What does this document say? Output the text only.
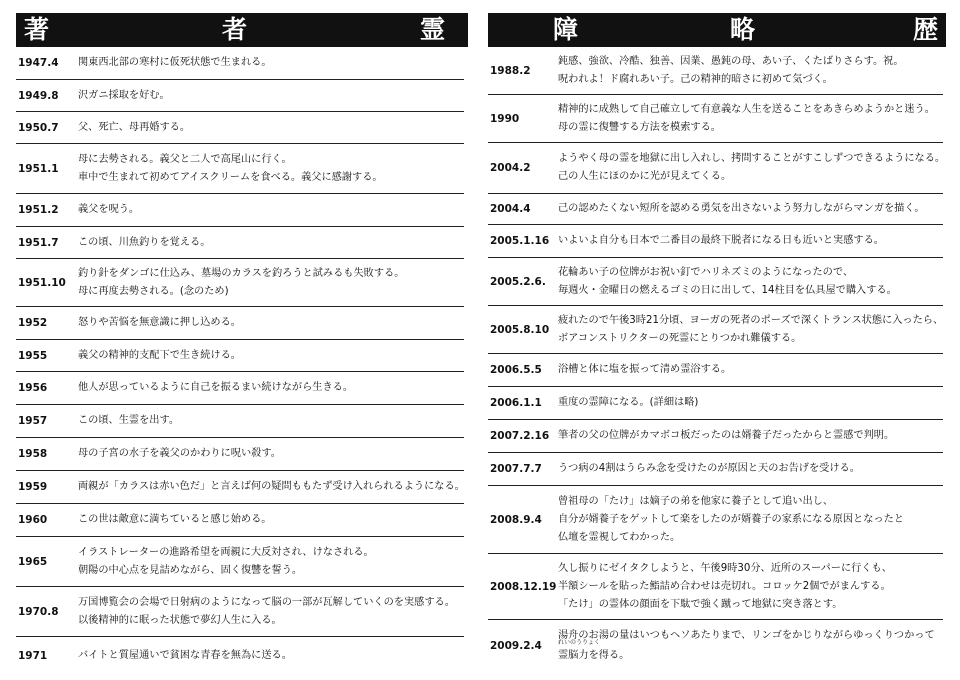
著	者	霊
1947.4 関東西北部の寒村に仮死状態で生まれる。
1949.8 沢ガニ採取を好む。
1950.7 父、死亡、母再婚する。
1951.1
母に去勢される。義父と二人で高尾山に行く。
車中で生まれて初めてアイスクリームを食べる。義父に感謝する。
1951.2 義父を呪う。
1951.7 この頃、川魚釣りを覚える。
1951.10
釣り針をダンゴに仕込み、墓場のカラスを釣ろうと試みるも失敗する。
母に再度去勢される。(念のため)
1952	怒りや苦悩を無意識に押し込める。
1955	義父の精神的支配下で生き続ける。
1956	他人が思っているように自己を振るまい続けながら生きる。
1957	この頃、生霊を出す。
1958	母の子宮の水子を義父のかわりに呪い殺す。
1959	両親が「カラスは赤い色だ」と言えば何の疑問ももたず受け入れられるようになる。
1960	この世は敵意に満ちていると感じ始める。
1965
イラストレーターの進路希望を両親に大反対され、けなされる。
朝陽の中心点を見詰めながら、固く復讐を誓う。
1970.8
万国博覧会の会場で日射病のようになって脳の一部が瓦解していくのを実感する。
以後精神的に眠った状態で夢幻人生に入る。
1971	バイトと質屋通いで貧困な青春を無為に送る。
障	略	歴
1988.2
鈍感、強欲、冷酷、独善、因業、愚鈍の母、あい子、くたばりさらす。祝。
呪われよ！ド腐れあい子。己の精神的暗さに初めて気づく。
1990
精神的に成熟して自己確立して有意義な人生を送ることをあきらめようかと迷う。
母の霊に復讐する方法を模索する。
2004.2
ようやく母の霊を地獄に出し入れし、拷問することがすこしずつできるようになる。
己の人生にほのかに光が見えてくる。
2004.4	己の認めたくない短所を認める勇気を出さないよう努力しながらマンガを描く。
2005.1.16 いよいよ自分も日本で二番目の最終下脱者になる日も近いと実感する。
2005.2.6.
花輪あい子の位牌がお祝い釘でハリネズミのようになったので、
毎週火・金曜日の燃えるゴミの日に出して、14柱目を仏具屋で購入する。
2005.8.10
疲れたので午後3時21分頃、ヨーガの死者のポーズで深くトランス状態に入ったら、
ボアコンストリクターの死霊にとりつかれ難儀する。
2006.5.5 浴槽と体に塩を振って清め霊浴する。
2006.1.1 重度の霊障になる。(詳細は略)
2007.2.16 筆者の父の位牌がカマボコ板だったのは婿養子だったからと霊感で判明。
2007.7.7 うつ病の4割はうらみ念を受けたのが原因と天のお告げを受ける。
2008.9.4
曾祖母の「たけ」は嫡子の弟を他家に養子として追い出し、
自分が婿養子をゲットして楽をしたのが婿養子の家系になる原因となったと
仏壇を霊視してわかった。
2008.12.19
久し振りにゼイタクしようと、午後9時30分、近所のスーパーに行くも、
半額シールを貼った鮨詰め合わせは売切れ。コロッケ2個でがまんする。
「たけ」の霊体の顔面を下駄で強く蹴って地獄に突き落とす。
2009.2.4
湯舟のお湯の量はいつもヘソあたりまで、リンゴをかじりながらゆっくりつかって
れいのうりょく
霊脳力を得る。
